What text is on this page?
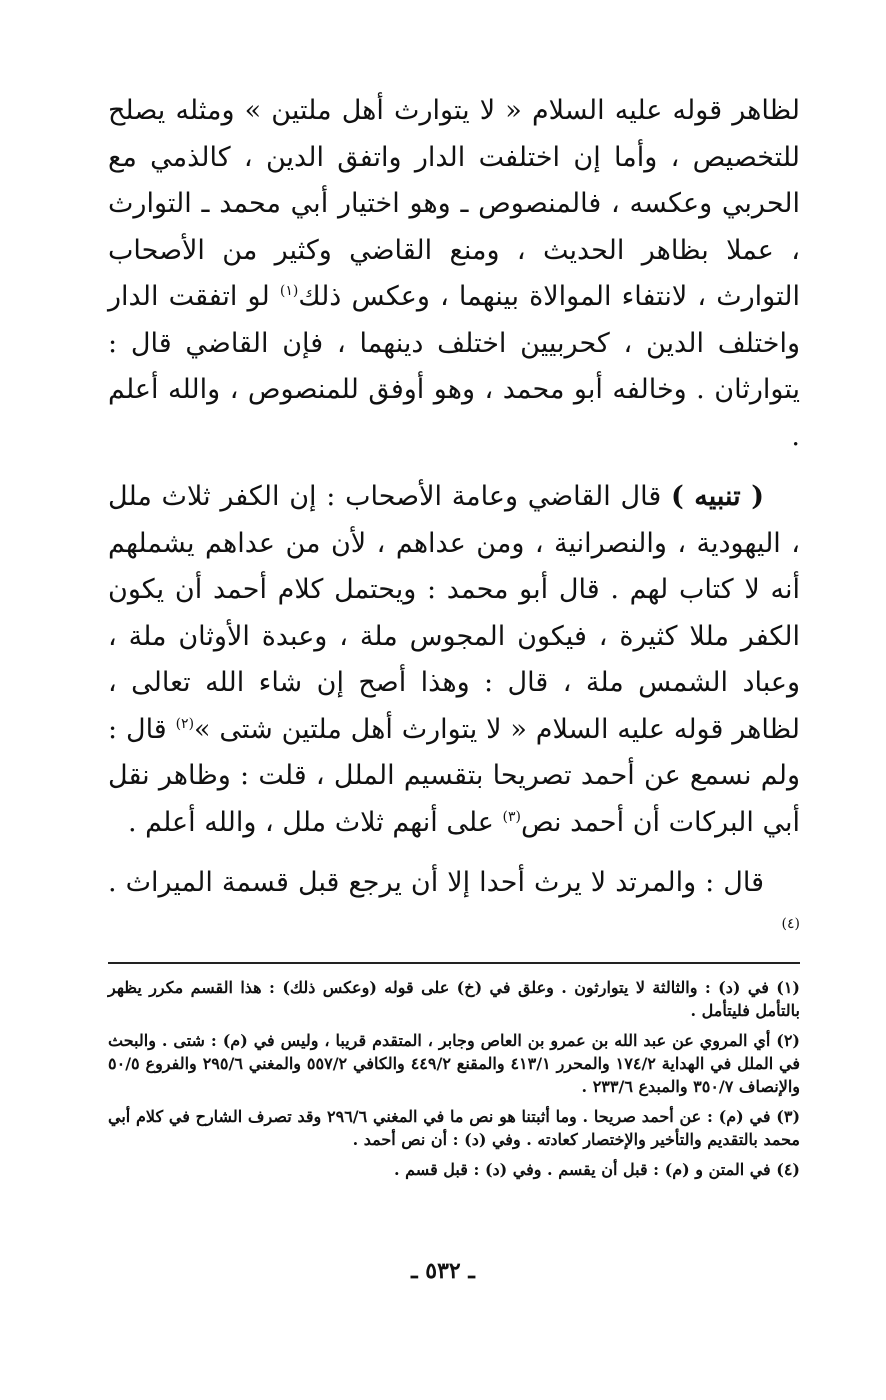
لظاهر قوله عليه السلام « لا يتوارث أهل ملتين » ومثله يصلح للتخصيص ، وأما إن اختلفت الدار واتفق الدين ، كالذمي مع الحربي وعكسه ، فالمنصوص ـ وهو اختيار أبي محمد ـ التوارث ، عملا بظاهر الحديث ، ومنع القاضي وكثير من الأصحاب التوارث ، لانتفاء الموالاة بينهما ، وعكس ذلك$^{(١)}$ لو اتفقت الدار واختلف الدين ، كحربيين اختلف دينهما ، فإن القاضي قال : يتوارثان . وخالفه أبو محمد ، وهو أوفق للمنصوص ، والله أعلم .

( تنبيه ) قال القاضي وعامة الأصحاب : إن الكفر ثلاث ملل ، اليهودية ، والنصرانية ، ومن عداهم ، لأن من عداهم يشملهم أنه لا كتاب لهم . قال أبو محمد : ويحتمل كلام أحمد أن يكون الكفر مللا كثيرة ، فيكون المجوس ملة ، وعبدة الأوثان ملة ، وعباد الشمس ملة ، قال : وهذا أصح إن شاء الله تعالى ، لظاهر قوله عليه السلام « لا يتوارث أهل ملتين شتى »$^{(٢)}$ قال : ولم نسمع عن أحمد تصريحا بتقسيم الملل ، قلت : وظاهر نقل أبي البركات أن أحمد نص$^{(٣)}$ على أنهم ثلاث ملل ، والله أعلم .

قال : والمرتد لا يرث أحدا إلا أن يرجع قبل قسمة الميراث .$^{(٤)}$

(١) في (د) : والثالثة لا يتوارثون . وعلق في (خ) على قوله (وعكس ذلك) : هذا القسم مكرر يظهر بالتأمل فليتأمل .

(٢) أي المروي عن عبد الله بن عمرو بن العاص وجابر ، المتقدم قريبا ، وليس في (م) : شتى . والبحث في الملل في الهداية ١٧٤/٢ والمحرر ٤١٣/١ والمقنع ٤٤٩/٢ والكافي ٥٥٧/٢ والمغني ٢٩٥/٦ والفروع ٥٠/٥ والإنصاف ٣٥٠/٧ والمبدع ٢٣٣/٦ .

(٣) في (م) : عن أحمد صريحا . وما أثبتنا هو نص ما في المغني ٢٩٦/٦ وقد تصرف الشارح في كلام أبي محمد بالتقديم والتأخير والإختصار كعادته . وفي (د) : أن نص أحمد .

(٤) في المتن و (م) : قبل أن يقسم . وفي (د) : قبل قسم .

ـ ٥٣٢ ـ
